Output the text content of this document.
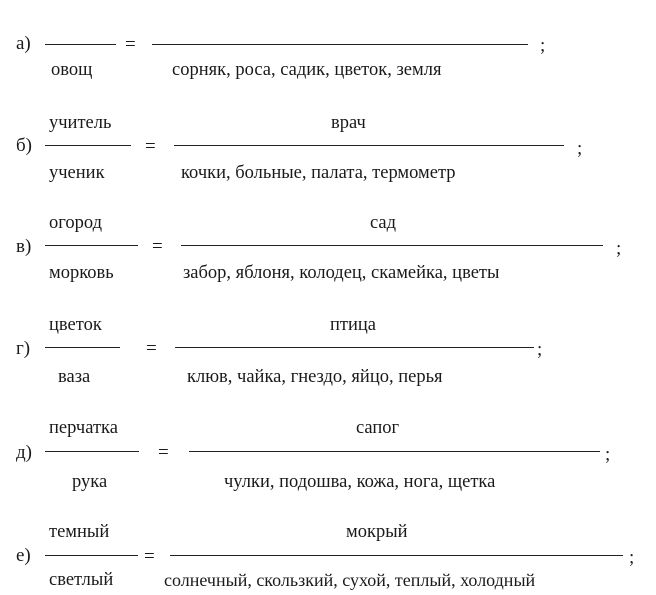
а)	=	;
овощ	сорняк, роса, садик, цветок, земля
учитель	врач
б)	=	;
ученик	кочки, больные, палата, термометр
огород	сад
в)	=	;
морковь	забор, яблоня, колодец, скамейка, цветы
цветок	птица
г)	=	;
ваза	клюв, чайка, гнездо, яйцо, перья
перчатка	сапог
д)	=	;
рука	чулки, подошва, кожа, нога, щетка
темный	мокрый
е)	=	;
светлый	солнечный, скользкий, сухой, теплый, холодный
